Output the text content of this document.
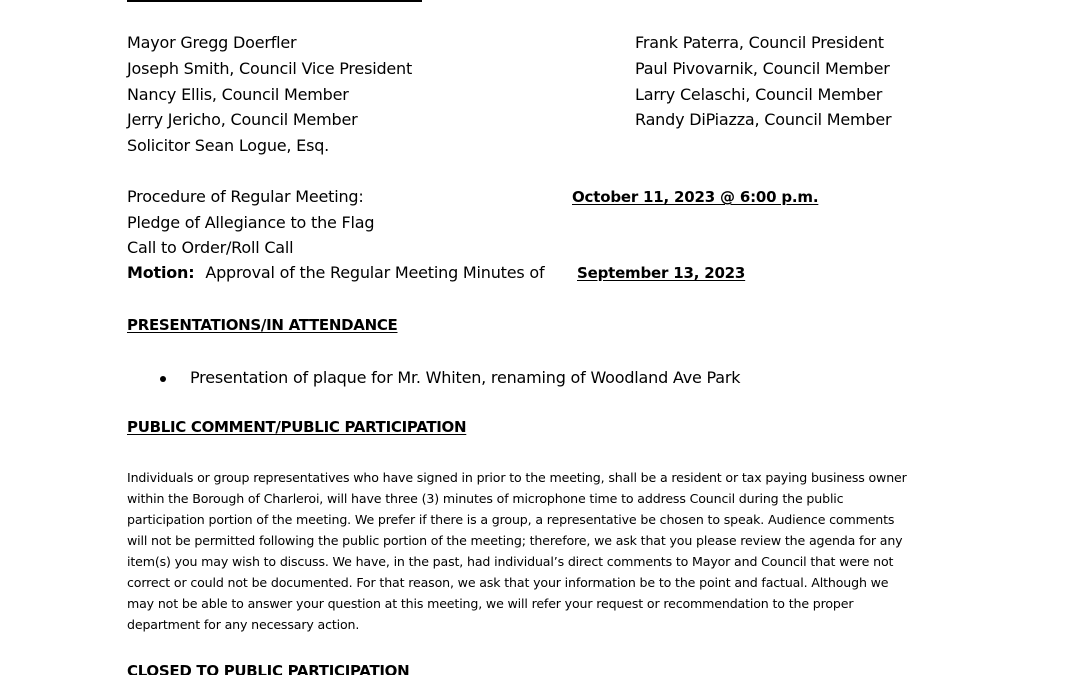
Mayor Gregg Doerfler
Joseph Smith, Council Vice President
Nancy Ellis, Council Member
Jerry Jericho, Council Member
Solicitor Sean Logue, Esq.
Frank Paterra, Council President
Paul Pivovarnik, Council Member
Larry Celaschi, Council Member
Randy DiPiazza, Council Member
Procedure of Regular Meeting:	October 11, 2023 @ 6:00 p.m.
Pledge of Allegiance to the Flag
Call to Order/Roll Call
Motion: Approval of the Regular Meeting Minutes of September 13, 2023
PRESENTATIONS/IN ATTENDANCE
Presentation of plaque for Mr. Whiten, renaming of Woodland Ave Park
PUBLIC COMMENT/PUBLIC PARTICIPATION
Individuals or group representatives who have signed in prior to the meeting, shall be a resident or tax paying business owner
within the Borough of Charleroi, will have three (3) minutes of microphone time to address Council during the public
participation portion of the meeting. We prefer if there is a group, a representative be chosen to speak. Audience comments
will not be permitted following the public portion of the meeting; therefore, we ask that you please review the agenda for any
item(s) you may wish to discuss. We have, in the past, had individual’s direct comments to Mayor and Council that were not
correct or could not be documented. For that reason, we ask that your information be to the point and factual. Although we
may not be able to answer your question at this meeting, we will refer your request or recommendation to the proper
department for any necessary action.
CLOSED TO PUBLIC PARTICIPATION
